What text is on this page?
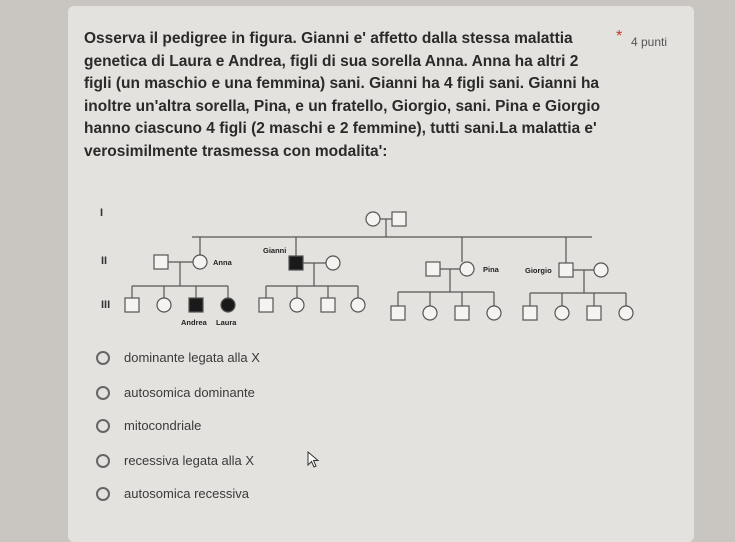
Osserva il pedigree in figura. Gianni e' affetto dalla stessa malattia genetica di Laura e Andrea, figli di sua sorella Anna. Anna ha altri 2 figli (un maschio e una femmina) sani. Gianni ha 4 figli sani. Gianni ha inoltre un'altra sorella, Pina, e un fratello, Giorgio, sani. Pina e Giorgio hanno ciascuno 4 figli (2 maschi e 2 femmine), tutti sani.La malattia e' verosimilmente trasmessa con modalita':
* 4 punti
I
II
III
Gianni
Anna
Pina	Giorgio
Andrea Laura
dominante legata alla X
autosomica dominante
mitocondriale
recessiva legata alla X
autosomica recessiva
